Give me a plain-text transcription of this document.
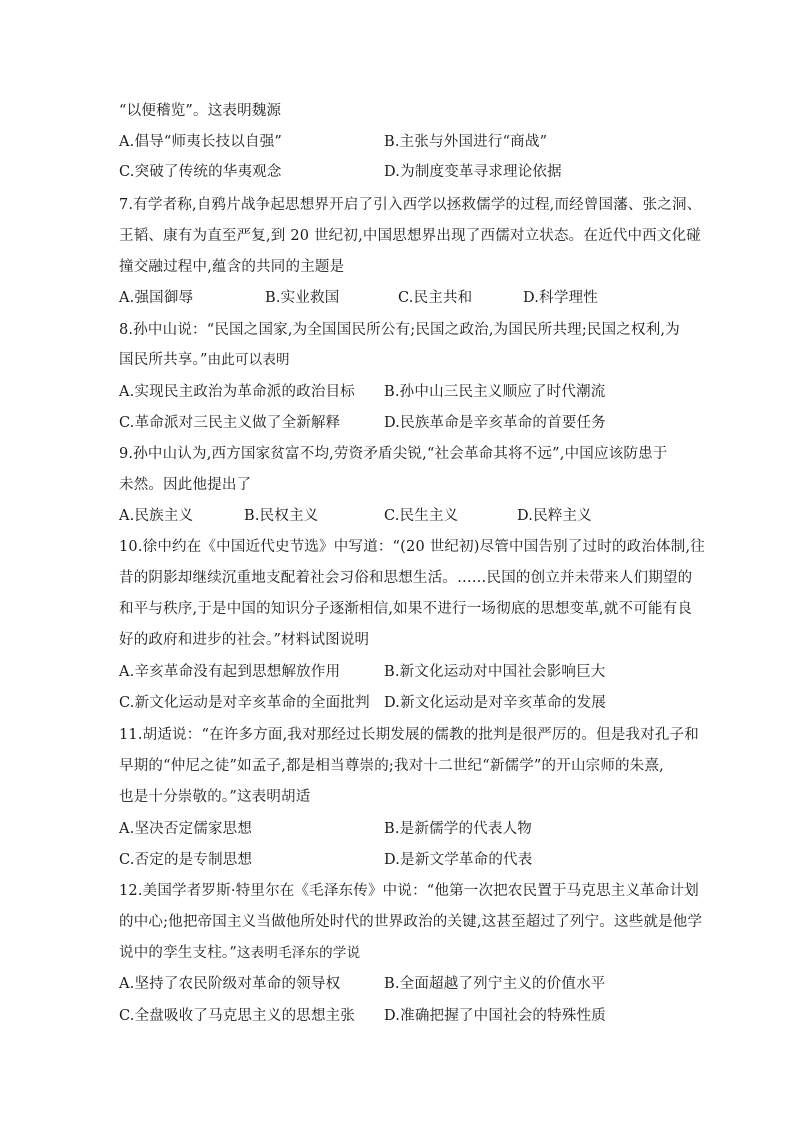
“以便稽览”。这表明魏源
A.倡导“师夷长技以自强”	B.主张与外国进行“商战”
C.突破了传统的华夷观念	D.为制度变革寻求理论依据
7.有学者称,自鸦片战争起思想界开启了引入西学以拯救儒学的过程,而经曾国藩、张之洞、
王韬、康有为直至严复,到 20 世纪初,中国思想界出现了西儒对立状态。在近代中西文化碰
撞交融过程中,蕴含的共同的主题是
A.强国御辱	B.实业救国	C.民主共和	D.科学理性
8.孙中山说：“民国之国家,为全国国民所公有;民国之政治,为国民所共理;民国之权利,为
国民所共享。”由此可以表明
A.实现民主政治为革命派的政治目标 B.孙中山三民主义顺应了时代潮流
C.革命派对三民主义做了全新解释	D.民族革命是辛亥革命的首要任务
9.孙中山认为,西方国家贫富不均,劳资矛盾尖锐,“社会革命其将不远”,中国应该防患于
未然。因此他提出了
A.民族主义	B.民权主义	C.民生主义	D.民粹主义
10.徐中约在《中国近代史节选》中写道：“(20 世纪初)尽管中国告别了过时的政治体制,往
昔的阴影却继续沉重地支配着社会习俗和思想生活。……民国的创立并未带来人们期望的
和平与秩序,于是中国的知识分子逐渐相信,如果不进行一场彻底的思想变革,就不可能有良
好的政府和进步的社会。”材料试图说明
A.辛亥革命没有起到思想解放作用	B.新文化运动对中国社会影响巨大
C.新文化运动是对辛亥革命的全面批判 D.新文化运动是对辛亥革命的发展
11.胡适说：“在许多方面,我对那经过长期发展的儒教的批判是很严厉的。但是我对孔子和
早期的“仲尼之徒”如孟子,都是相当尊崇的;我对十二世纪“新儒学”的开山宗师的朱熹,
也是十分崇敬的。”这表明胡适
A.坚决否定儒家思想	B.是新儒学的代表人物
C.否定的是专制思想	D.是新文学革命的代表
12.美国学者罗斯·特里尔在《毛泽东传》中说：“他第一次把农民置于马克思主义革命计划
的中心;他把帝国主义当做他所处时代的世界政治的关键,这甚至超过了列宁。这些就是他学
说中的孪生支柱。”这表明毛泽东的学说
A.坚持了农民阶级对革命的领导权	B.全面超越了列宁主义的价值水平
C.全盘吸收了马克思主义的思想主张 D.准确把握了中国社会的特殊性质
